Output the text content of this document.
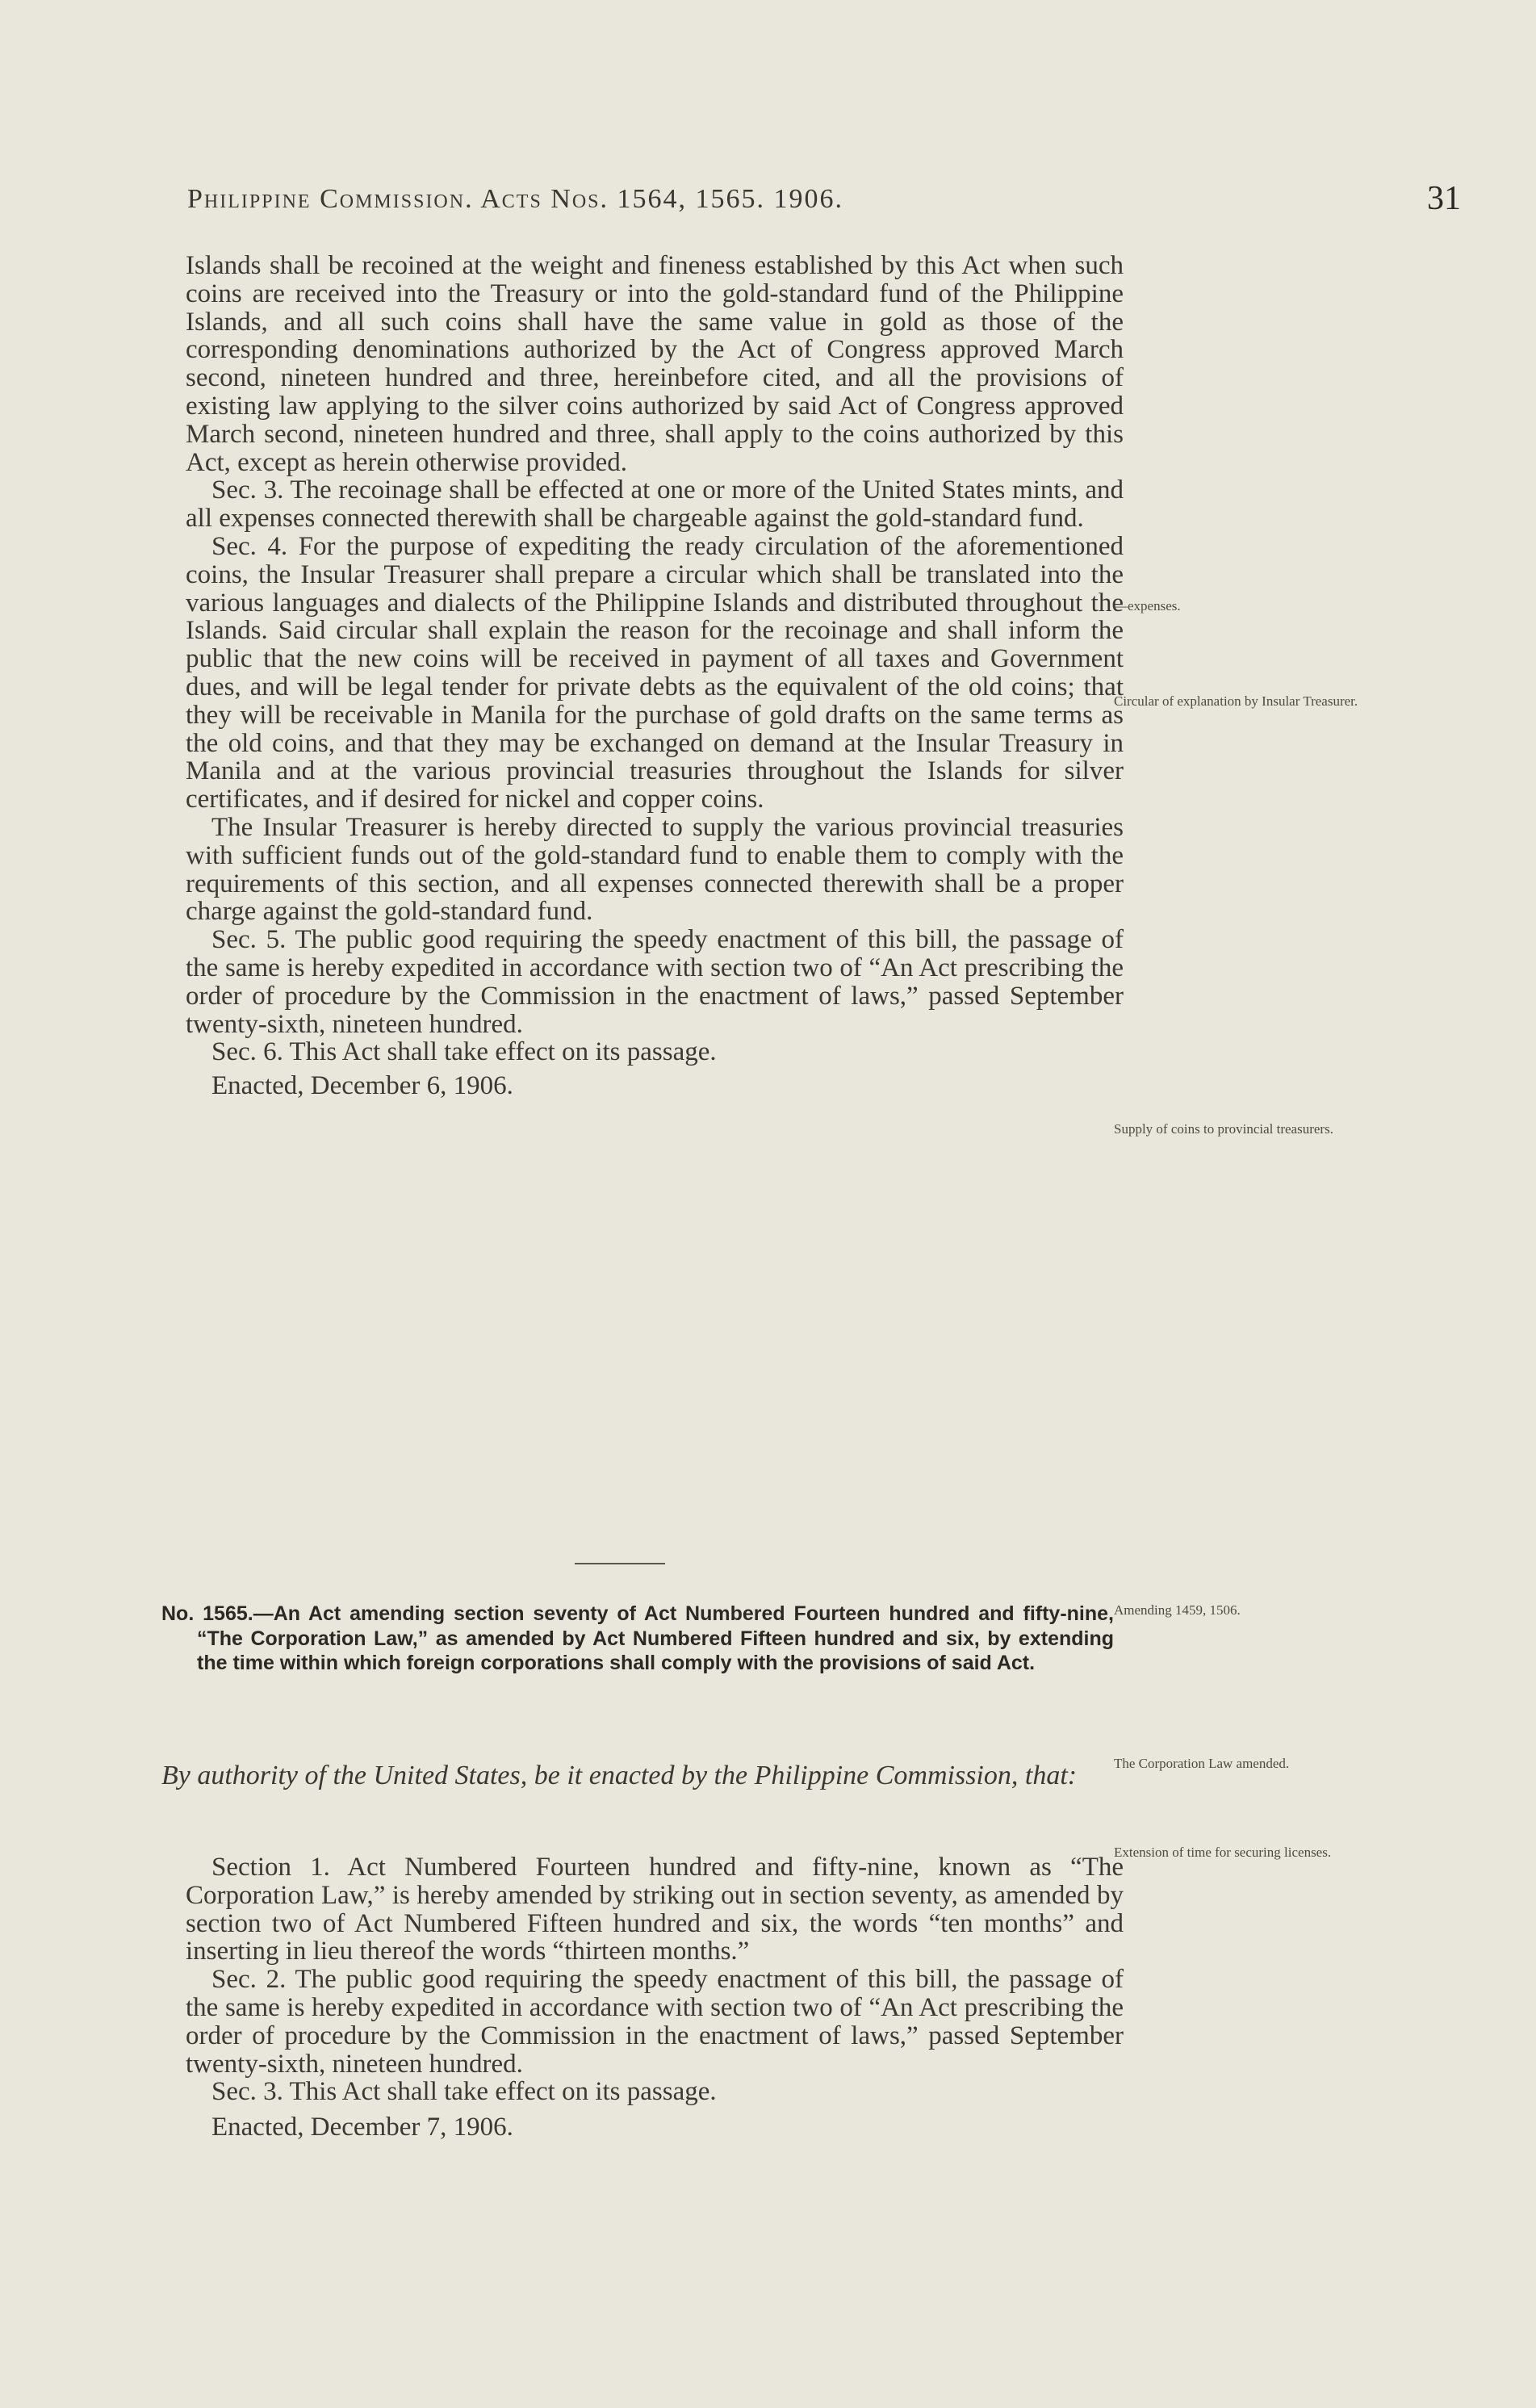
Philippine Commission. Acts Nos. 1564, 1565. 1906.	31

Islands shall be recoined at the weight and fineness established by this Act when such coins are received into the Treasury or into the gold-standard fund of the Philippine Islands, and all such coins shall have the same value in gold as those of the corresponding denominations authorized by the Act of Congress approved March second, nineteen hundred and three, hereinbefore cited, and all the provisions of existing law applying to the silver coins authorized by said Act of Congress approved March second, nineteen hundred and three, shall apply to the coins authorized by this Act, except as herein otherwise provided.

Sec. 3. The recoinage shall be effected at one or more of the United States mints, and all expenses connected therewith shall be chargeable against the gold-standard fund.

Sec. 4. For the purpose of expediting the ready circulation of the aforementioned coins, the Insular Treasurer shall prepare a circular which shall be translated into the various languages and dialects of the Philippine Islands and distributed throughout the Islands. Said circular shall explain the reason for the recoinage and shall inform the public that the new coins will be received in payment of all taxes and Government dues, and will be legal tender for private debts as the equivalent of the old coins; that they will be receivable in Manila for the purchase of gold drafts on the same terms as the old coins, and that they may be exchanged on demand at the Insular Treasury in Manila and at the various provincial treasuries throughout the Islands for silver certificates, and if desired for nickel and copper coins.

The Insular Treasurer is hereby directed to supply the various provincial treasuries with sufficient funds out of the gold-standard fund to enable them to comply with the requirements of this section, and all expenses connected therewith shall be a proper charge against the gold-standard fund.

Sec. 5. The public good requiring the speedy enactment of this bill, the passage of the same is hereby expedited in accordance with section two of “An Act prescribing the order of procedure by the Commission in the enactment of laws,” passed September twenty-sixth, nineteen hundred.

Sec. 6. This Act shall take effect on its passage.

Enacted, December 6, 1906.

—expenses.
Circular of explanation by Insular Treasurer.
Supply of coins to provincial treasurers.
No. 1565.—An Act amending section seventy of Act Numbered Fourteen hundred and fifty-nine, “The Corporation Law,” as amended by Act Numbered Fifteen hundred and six, by extending the time within which foreign corporations shall comply with the provisions of said Act.
Amending 1459, 1506.
By authority of the United States, be it enacted by the Philippine Commission, that:	The Corporation Law amended.
Extension of time for securing licenses.

Section 1. Act Numbered Fourteen hundred and fifty-nine, known as “The Corporation Law,” is hereby amended by striking out in section seventy, as amended by section two of Act Numbered Fifteen hundred and six, the words “ten months” and inserting in lieu thereof the words “thirteen months.”

Sec. 2. The public good requiring the speedy enactment of this bill, the passage of the same is hereby expedited in accordance with section two of “An Act prescribing the order of procedure by the Commission in the enactment of laws,” passed September twenty-sixth, nineteen hundred.

Sec. 3. This Act shall take effect on its passage.

Enacted, December 7, 1906.
